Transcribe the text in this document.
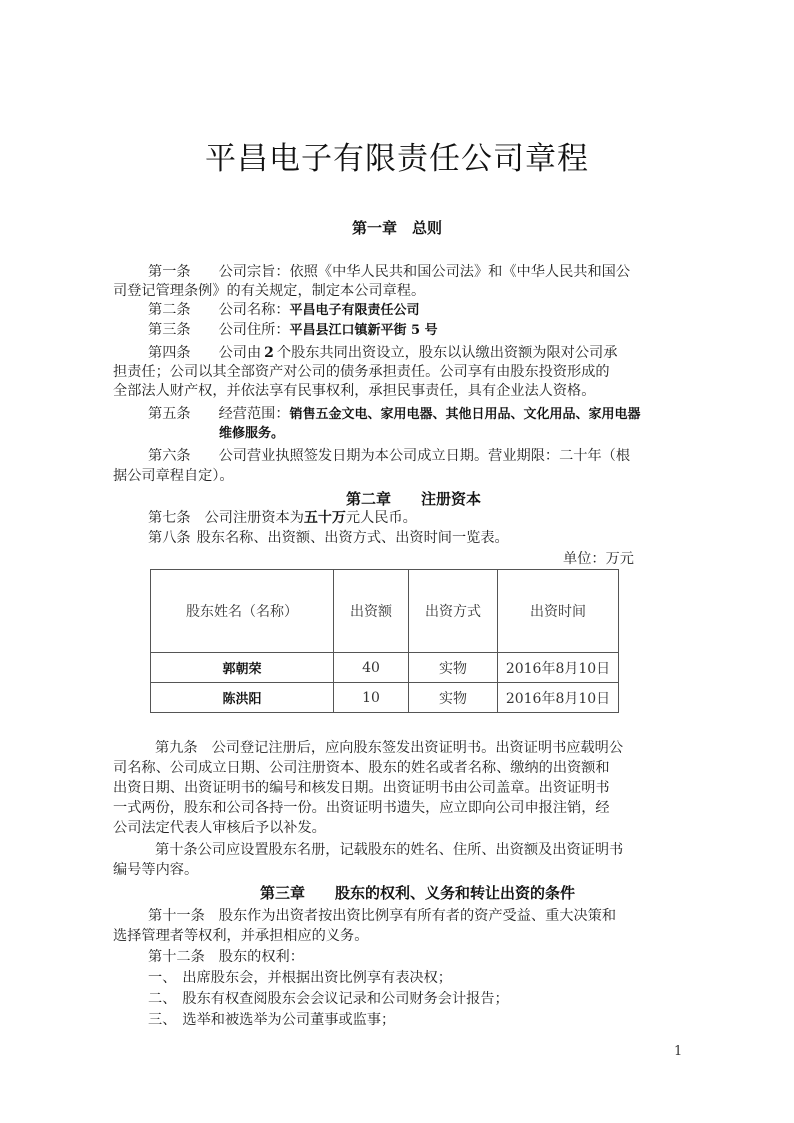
平昌电子有限责任公司章程
第一章　总则
第一条 公司宗旨：依照《中华人民共和国公司法》和《中华人民共和国公
司登记管理条例》的有关规定，制定本公司章程。
第二条 公司名称：平昌电子有限责任公司
第三条 公司住所：平昌县江口镇新平街 5 号
第四条 公司由 2 个股东共同出资设立，股东以认缴出资额为限对公司承
担责任；公司以其全部资产对公司的债务承担责任。公司享有由股东投资形成的
全部法人财产权，并依法享有民事权利，承担民事责任，具有企业法人资格。
第五条 经营范围：销售五金文电、家用电器、其他日用品、文化用品、家用电器
维修服务。
第六条 公司营业执照签发日期为本公司成立日期。营业期限：二十年（根
据公司章程自定）。
第二章 注册资本
第七条 公司注册资本为五十万元人民币。
第八条 股东名称、出资额、出资方式、出资时间一览表。
单位：万元
股东姓名（名称）	出资额	出资方式	出资时间
郭朝荣	40	实物	2016年8月10日
陈洪阳	10	实物	2016年8月10日
第九条 公司登记注册后，应向股东签发出资证明书。出资证明书应载明公
司名称、公司成立日期、公司注册资本、股东的姓名或者名称、缴纳的出资额和
出资日期、出资证明书的编号和核发日期。出资证明书由公司盖章。出资证明书
一式两份，股东和公司各持一份。出资证明书遗失，应立即向公司申报注销，经
公司法定代表人审核后予以补发。
第十条公司应设置股东名册，记载股东的姓名、住所、出资额及出资证明书
编号等内容。
第三章 股东的权利、义务和转让出资的条件
第十一条 股东作为出资者按出资比例享有所有者的资产受益、重大决策和
选择管理者等权利，并承担相应的义务。
第十二条 股东的权利：
一、 出席股东会，并根据出资比例享有表决权；
二、 股东有权查阅股东会会议记录和公司财务会计报告；
三、 选举和被选举为公司董事或监事；
1
